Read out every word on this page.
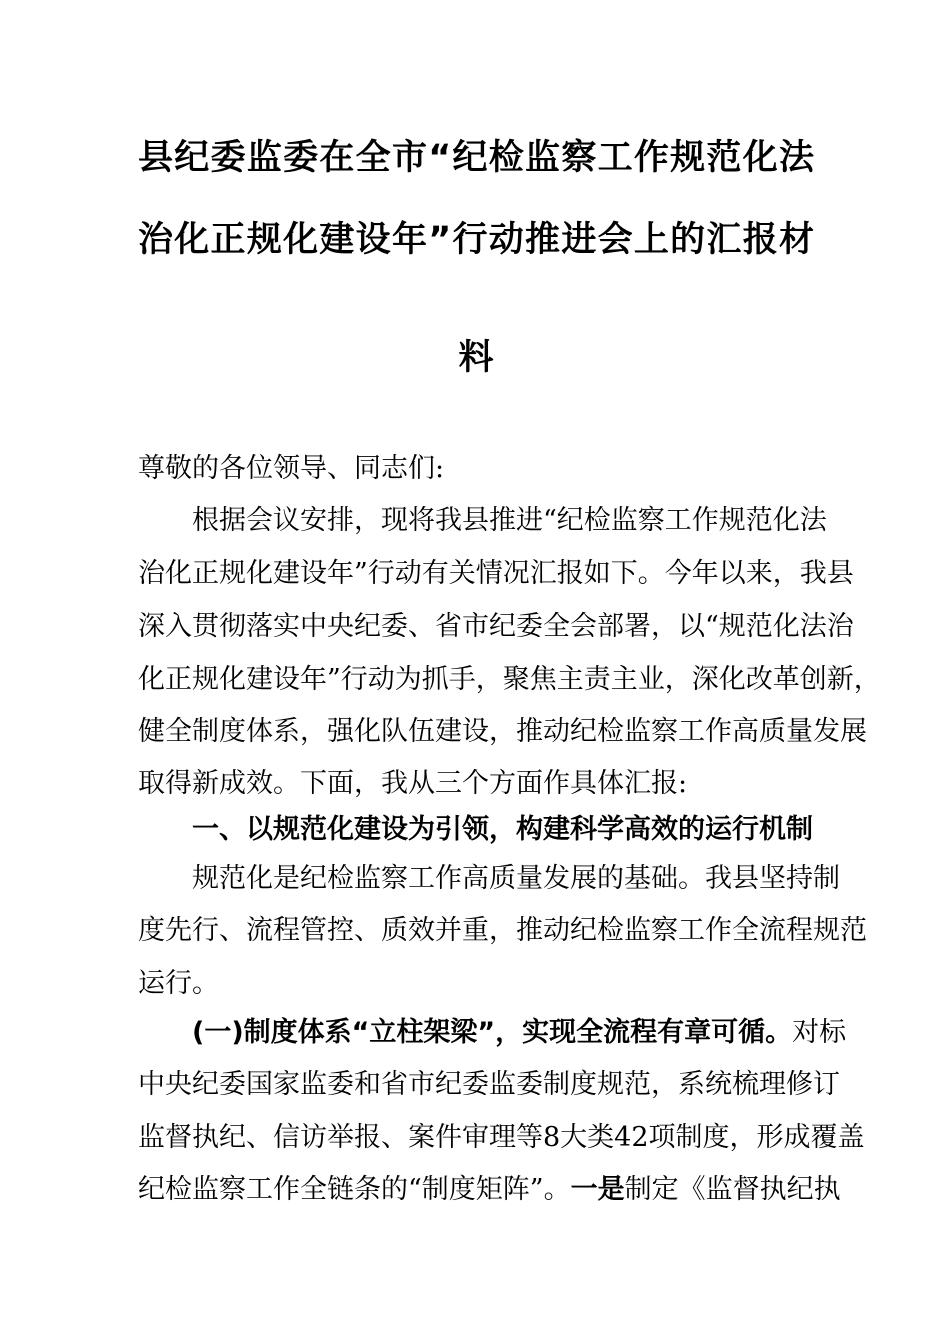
县纪委监委在全市“纪检监察工作规范化法
治化正规化建设年”行动推进会上的汇报材
料
尊敬的各位领导、同志们:
根据会议安排，现将我县推进“纪检监察工作规范化法
治化正规化建设年”行动有关情况汇报如下。今年以来，我县
深入贯彻落实中央纪委、省市纪委全会部署，以“规范化法治
化正规化建设年”行动为抓手，聚焦主责主业，深化改革创新，
健全制度体系，强化队伍建设，推动纪检监察工作高质量发展
取得新成效。下面，我从三个方面作具体汇报:
一、以规范化建设为引领，构建科学高效的运行机制
规范化是纪检监察工作高质量发展的基础。我县坚持制
度先行、流程管控、质效并重，推动纪检监察工作全流程规范
运行。
(一)制度体系“立柱架梁”，实现全流程有章可循。对标
中央纪委国家监委和省市纪委监委制度规范，系统梳理修订
监督执纪、信访举报、案件审理等8大类42项制度，形成覆盖
纪检监察工作全链条的“制度矩阵”。一是制定《监督执纪执
